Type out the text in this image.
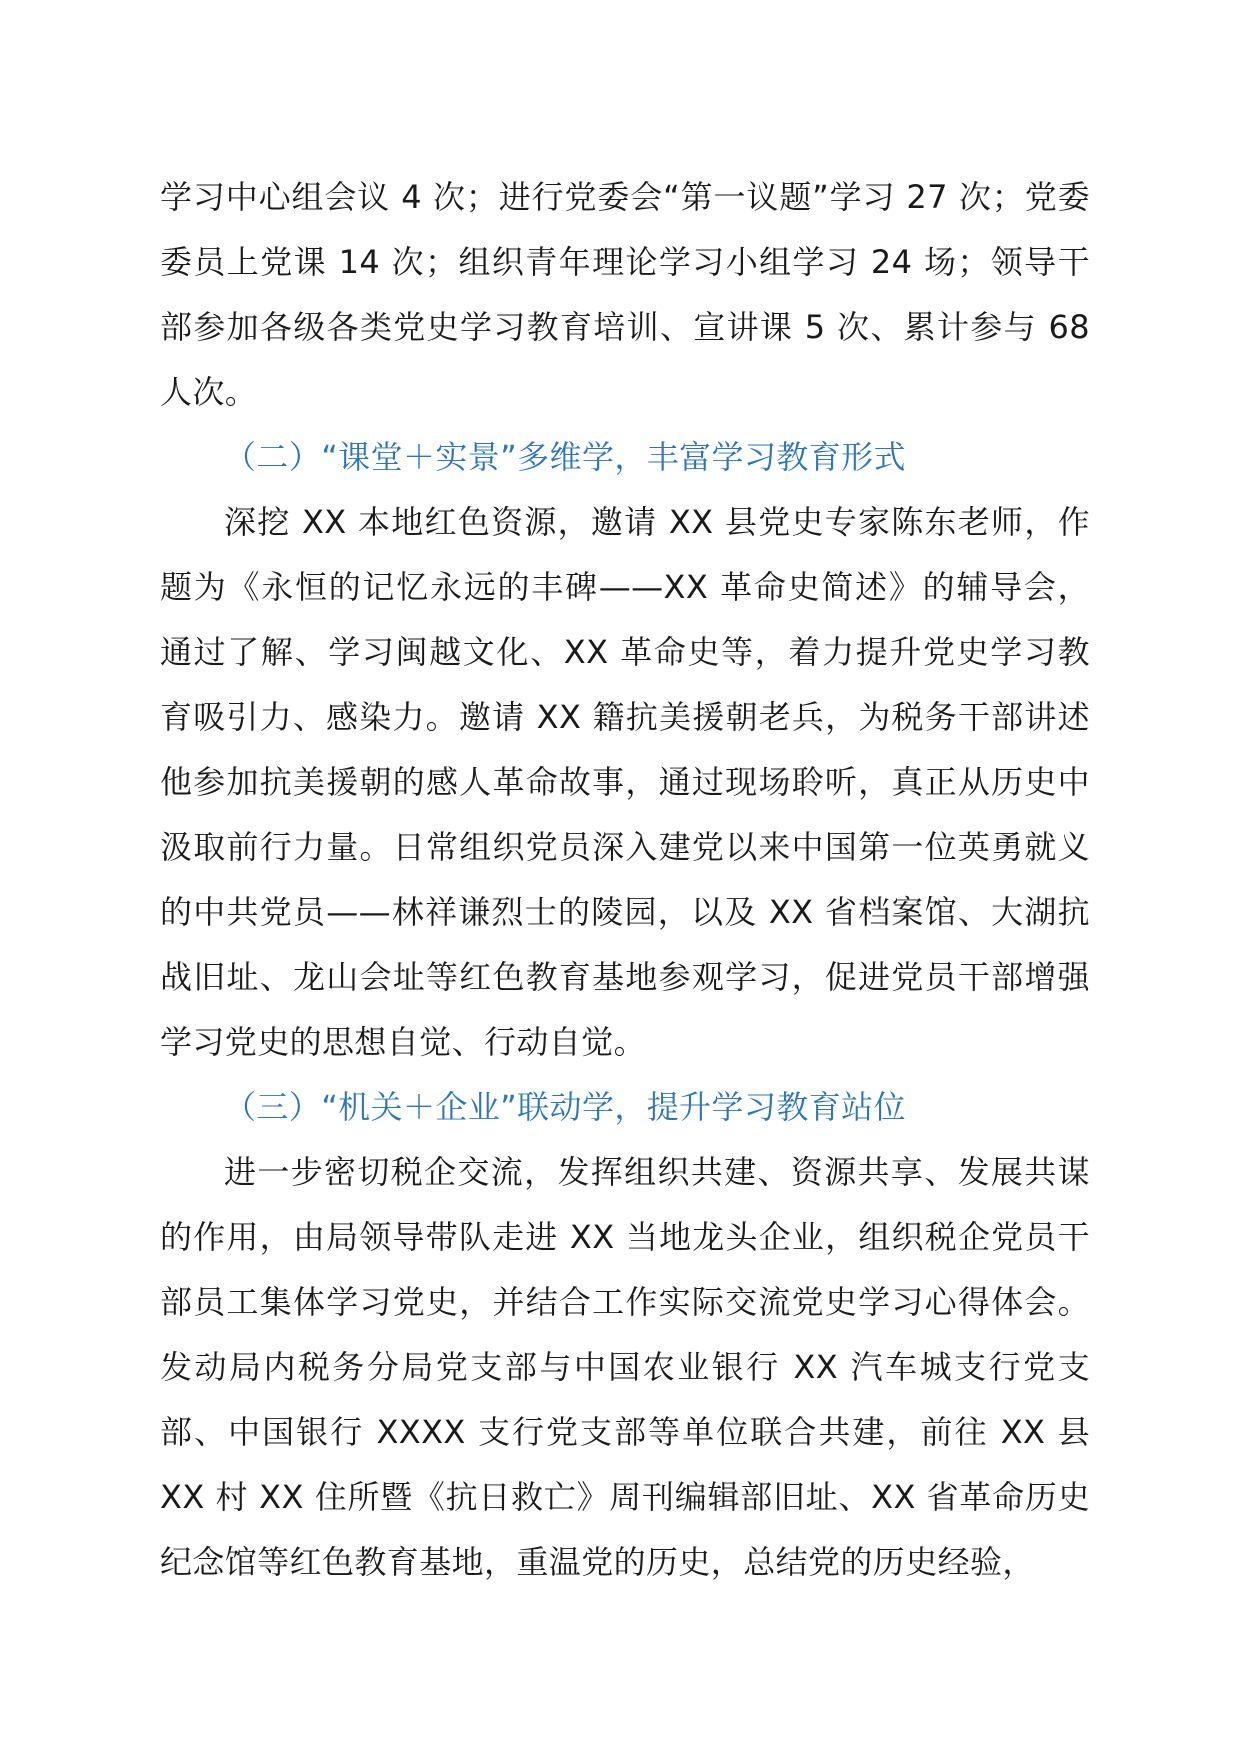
学习中心组会议 4 次；进行党委会“第一议题”学习 27 次；党委委员上党课 14 次；组织青年理论学习小组学习 24 场；领导干部参加各级各类党史学习教育培训、宣讲课 5 次、累计参与 68 人次。

（二）“课堂＋实景”多维学，丰富学习教育形式

深挖 XX 本地红色资源，邀请 XX 县党史专家陈东老师，作题为《永恒的记忆永远的丰碑——XX 革命史简述》的辅导会，通过了解、学习闽越文化、XX 革命史等，着力提升党史学习教育吸引力、感染力。邀请 XX 籍抗美援朝老兵，为税务干部讲述他参加抗美援朝的感人革命故事，通过现场聆听，真正从历史中汲取前行力量。日常组织党员深入建党以来中国第一位英勇就义的中共党员——林祥谦烈士的陵园，以及 XX 省档案馆、大湖抗战旧址、龙山会址等红色教育基地参观学习，促进党员干部增强学习党史的思想自觉、行动自觉。

（三）“机关＋企业”联动学，提升学习教育站位

进一步密切税企交流，发挥组织共建、资源共享、发展共谋的作用，由局领导带队走进 XX 当地龙头企业，组织税企党员干部员工集体学习党史，并结合工作实际交流党史学习心得体会。发动局内税务分局党支部与中国农业银行 XX 汽车城支行党支部、中国银行 XXXX 支行党支部等单位联合共建，前往 XX 县 XX 村 XX 住所暨《抗日救亡》周刊编辑部旧址、XX 省革命历史纪念馆等红色教育基地，重温党的历史，总结党的历史经验，
